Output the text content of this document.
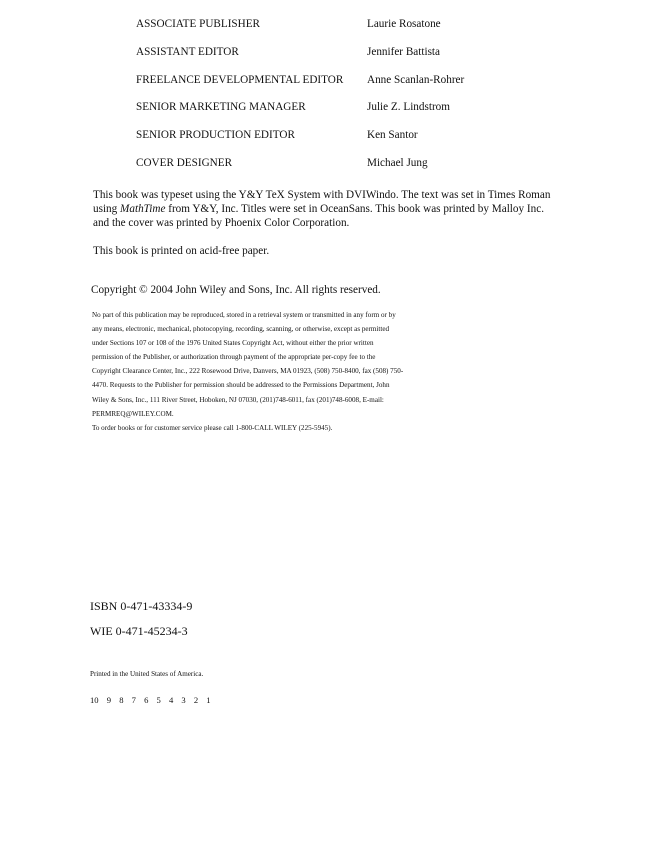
ASSOCIATE PUBLISHER	Laurie Rosatone
ASSISTANT EDITOR	Jennifer Battista
FREELANCE DEVELOPMENTAL EDITOR	Anne Scanlan-Rohrer
SENIOR MARKETING MANAGER	Julie Z. Lindstrom
SENIOR PRODUCTION EDITOR	Ken Santor
COVER DESIGNER	Michael Jung
This book was typeset using the Y&Y TeX System with DVIWindo. The text was set in Times Roman
using MathTime from Y&Y, Inc. Titles were set in OceanSans. This book was printed by Malloy Inc.
and the cover was printed by Phoenix Color Corporation.
This book is printed on acid-free paper.
Copyright © 2004 John Wiley and Sons, Inc. All rights reserved.
No part of this publication may be reproduced, stored in a retrieval system or transmitted in any form or by
any means, electronic, mechanical, photocopying, recording, scanning, or otherwise, except as permitted
under Sections 107 or 108 of the 1976 United States Copyright Act, without either the prior written
permission of the Publisher, or authorization through payment of the appropriate per-copy fee to the
Copyright Clearance Center, Inc., 222 Rosewood Drive, Danvers, MA 01923, (508) 750-8400, fax (508) 750-
4470. Requests to the Publisher for permission should be addressed to the Permissions Department, John
Wiley & Sons, Inc., 111 River Street, Hoboken, NJ 07030, (201)748-6011, fax (201)748-6008, E-mail:
PERMREQ@WILEY.COM.
To order books or for customer service please call 1-800-CALL WILEY (225-5945).
ISBN 0-471-43334-9
WIE 0-471-45234-3
Printed in the United States of America.
10 9 8 7 6 5 4 3 2 1
